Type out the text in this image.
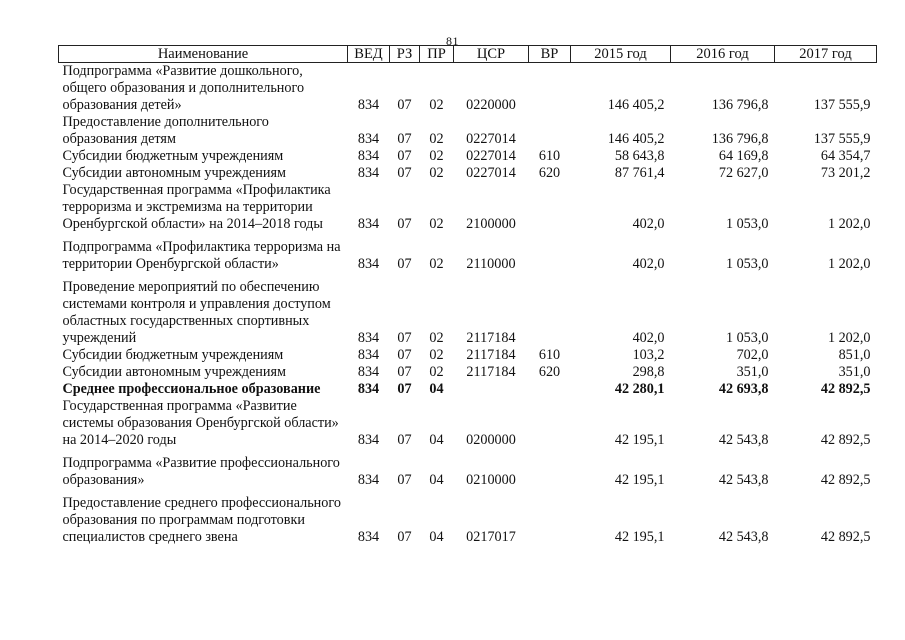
81
Наименование	ВЕД	РЗ	ПР	ЦСР	ВР	2015 год	2016 год	2017 год
Подпрограмма «Развитие дошкольного, общего образования и дополнительного образования детей»	834	07	02	0220000		146 405,2	136 796,8	137 555,9
Предоставление дополнительного образования детям	834	07	02	0227014		146 405,2	136 796,8	137 555,9
Субсидии бюджетным учреждениям	834	07	02	0227014	610	58 643,8	64 169,8	64 354,7
Субсидии автономным учреждениям	834	07	02	0227014	620	87 761,4	72 627,0	73 201,2
Государственная программа «Профилактика терроризма и экстремизма на территории Оренбургской области» на 2014–2018 годы	834	07	02	2100000		402,0	1 053,0	1 202,0
Подпрограмма «Профилактика терроризма на территории Оренбургской области»	834	07	02	2110000		402,0	1 053,0	1 202,0
Проведение мероприятий по обеспечению системами контроля и управления доступом областных государственных спортивных учреждений	834	07	02	2117184		402,0	1 053,0	1 202,0
Субсидии бюджетным учреждениям	834	07	02	2117184	610	103,2	702,0	851,0
Субсидии автономным учреждениям	834	07	02	2117184	620	298,8	351,0	351,0
Среднее профессиональное образование	834	07	04			42 280,1	42 693,8	42 892,5
Государственная программа «Развитие системы образования Оренбургской области» на 2014–2020 годы	834	07	04	0200000		42 195,1	42 543,8	42 892,5
Подпрограмма «Развитие профессионального образования»	834	07	04	0210000		42 195,1	42 543,8	42 892,5
Предоставление среднего профессионального образования по программам подготовки специалистов среднего звена	834	07	04	0217017		42 195,1	42 543,8	42 892,5
